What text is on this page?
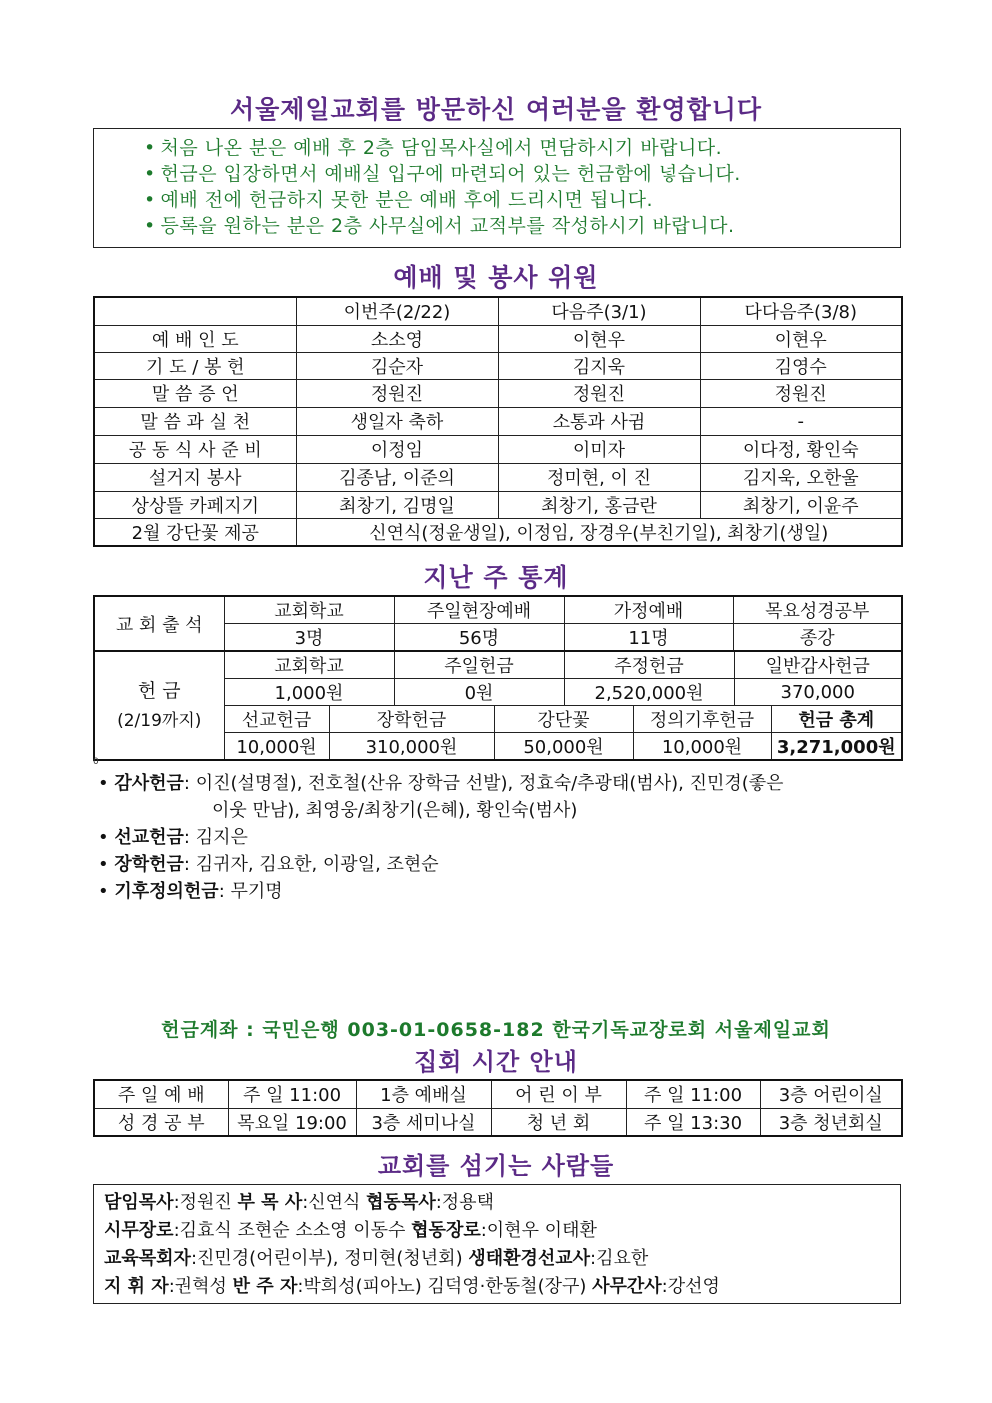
서울제일교회를 방문하신 여러분을 환영합니다
• 처음 나온 분은 예배 후 2층 담임목사실에서 면담하시기 바랍니다.
• 헌금은 입장하면서 예배실 입구에 마련되어 있는 헌금함에 넣습니다.
• 예배 전에 헌금하지 못한 분은 예배 후에 드리시면 됩니다.
• 등록을 원하는 분은 2층 사무실에서 교적부를 작성하시기 바랍니다.
예배 및 봉사 위원
	이번주(2/22)	다음주(3/1)	다다음주(3/8)
예 배 인 도	소소영	이현우	이현우
기 도 / 봉 헌	김순자	김지욱	김영수
말 씀 증 언	정원진	정원진	정원진
말 씀 과 실 천	생일자 축하	소통과 사귐	-
공 동 식 사 준 비	이정임	이미자	이다정, 황인숙
설거지 봉사	김종남, 이준의	정미현, 이 진	김지욱, 오한울
상상뜰 카페지기	최창기, 김명일	최창기, 홍금란	최창기, 이윤주
2월 강단꽃 제공	신연식(정윤생일), 이정임, 장경우(부친기일), 최창기(생일)		
지난 주 통계
교 회 출 석	교회학교	주일현장예배	가정예배	목요성경공부
	3명	56명	11명	종강
헌 금
(2/19까지)	교회학교		주일헌금		주정헌금		일반감사헌금	
	1,000원		0원		2,520,000원		370,000	
	선교헌금	장학헌금		강단꽃		정의기후헌금		헌금 총계
	10,000원	310,000원		50,000원		10,000원		3,271,000원
0
• 감사헌금: 이진(설명절), 전호철(산유 장학금 선발), 정효숙/추광태(범사), 진민경(좋은
이웃 만남), 최영웅/최창기(은혜), 황인숙(범사)
• 선교헌금: 김지은
• 장학헌금: 김귀자, 김요한, 이광일, 조현순
• 기후정의헌금: 무기명
헌금계좌 : 국민은행 003-01-0658-182 한국기독교장로회 서울제일교회
집회 시간 안내
주 일 예 배	주 일 11:00	1층 예배실	어 린 이 부	주 일 11:00	3층 어린이실
성 경 공 부	목요일 19:00	3층 세미나실	청 년 회	주 일 13:30	3층 청년회실
교회를 섬기는 사람들
담임목사:정원진 부 목 사:신연식 협동목사:정용택
시무장로:김효식 조현순 소소영 이동수 협동장로:이현우 이태환
교육목회자:진민경(어린이부), 정미현(청년회) 생태환경선교사:김요한
지 휘 자:권혁성 반 주 자:박희성(피아노) 김덕영·한동철(장구) 사무간사:강선영
